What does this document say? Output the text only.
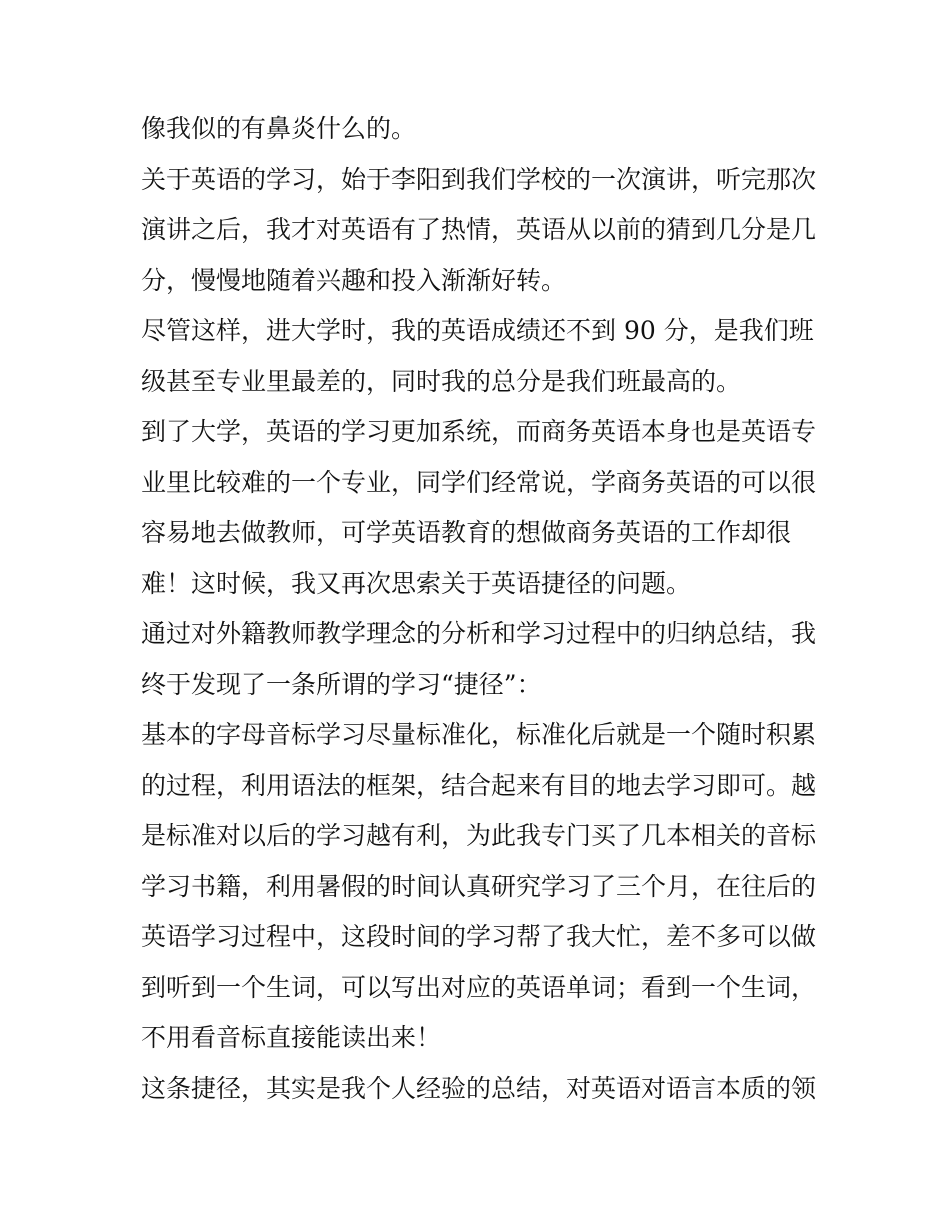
像我似的有鼻炎什么的。

关于英语的学习，始于李阳到我们学校的一次演讲，听完那次

演讲之后，我才对英语有了热情，英语从以前的猜到几分是几

分，慢慢地随着兴趣和投入渐渐好转。

尽管这样，进大学时，我的英语成绩还不到 90 分，是我们班

级甚至专业里最差的，同时我的总分是我们班最高的。

到了大学，英语的学习更加系统，而商务英语本身也是英语专

业里比较难的一个专业，同学们经常说，学商务英语的可以很

容易地去做教师，可学英语教育的想做商务英语的工作却很

难！这时候，我又再次思索关于英语捷径的问题。

通过对外籍教师教学理念的分析和学习过程中的归纳总结，我

终于发现了一条所谓的学习“捷径”：

基本的字母音标学习尽量标准化，标准化后就是一个随时积累

的过程，利用语法的框架，结合起来有目的地去学习即可。越

是标准对以后的学习越有利，为此我专门买了几本相关的音标

学习书籍，利用暑假的时间认真研究学习了三个月，在往后的

英语学习过程中，这段时间的学习帮了我大忙，差不多可以做

到听到一个生词，可以写出对应的英语单词；看到一个生词，

不用看音标直接能读出来！

这条捷径，其实是我个人经验的总结，对英语对语言本质的领
